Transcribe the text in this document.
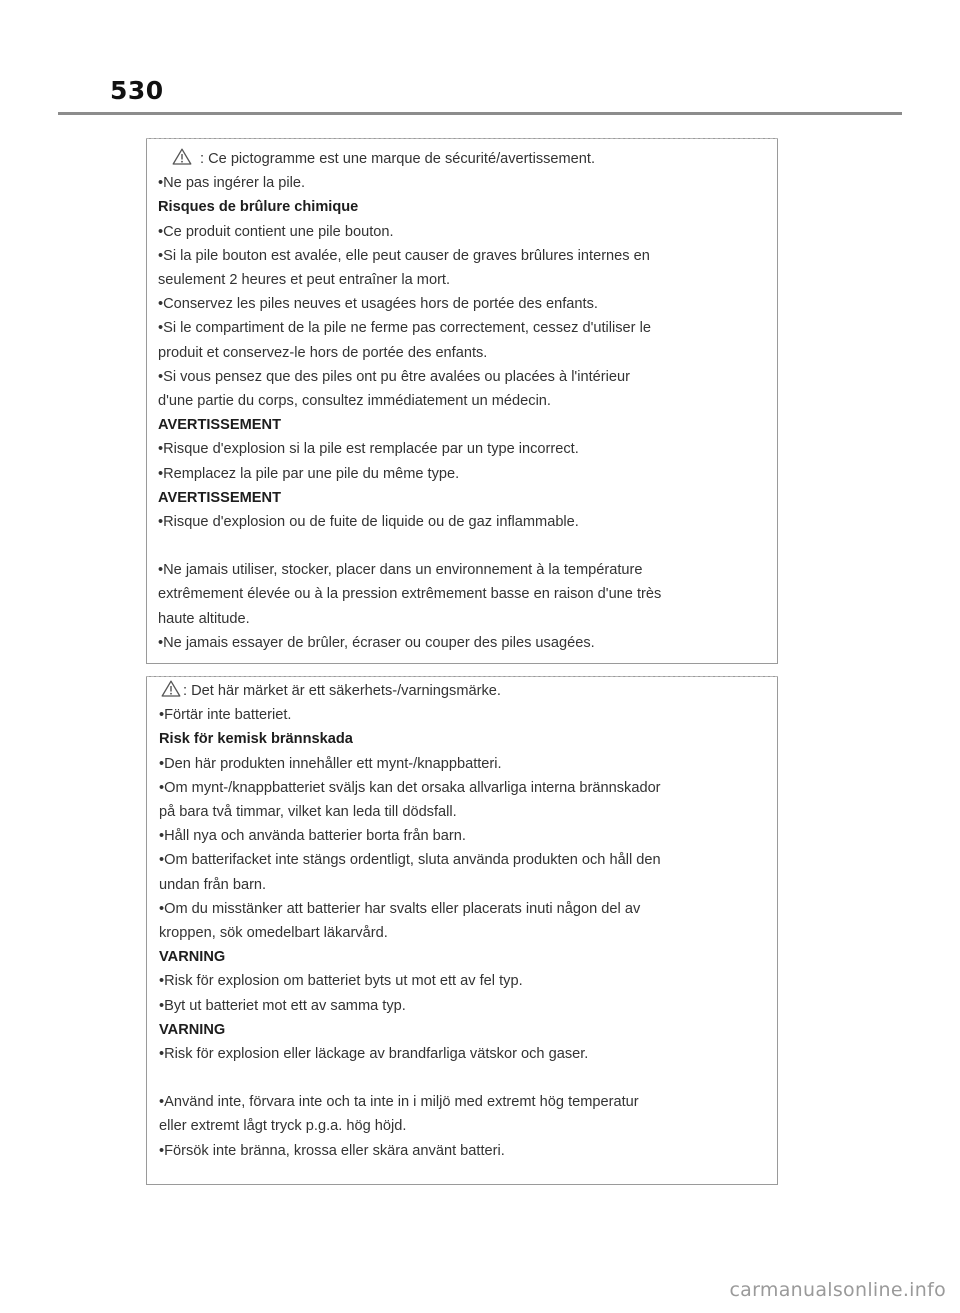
530
: Ce pictogramme est une marque de sécurité/avertissement.
•Ne pas ingérer la pile.
Risques de brûlure chimique
•Ce produit contient une pile bouton.
•Si la pile bouton est avalée, elle peut causer de graves brûlures internes en
seulement 2 heures et peut entraîner la mort.
•Conservez les piles neuves et usagées hors de portée des enfants.
•Si le compartiment de la pile ne ferme pas correctement, cessez d'utiliser le
produit et conservez-le hors de portée des enfants.
•Si vous pensez que des piles ont pu être avalées ou placées à l'intérieur
d'une partie du corps, consultez immédiatement un médecin.
AVERTISSEMENT
•Risque d'explosion si la pile est remplacée par un type incorrect.
•Remplacez la pile par une pile du même type.
AVERTISSEMENT
•Risque d'explosion ou de fuite de liquide ou de gaz inflammable.
•Ne jamais utiliser, stocker, placer dans un environnement à la température
extrêmement élevée ou à la pression extrêmement basse en raison d'une très
haute altitude.
•Ne jamais essayer de brûler, écraser ou couper des piles usagées.
: Det här märket är ett säkerhets-/varningsmärke.
•Förtär inte batteriet.
Risk för kemisk brännskada
•Den här produkten innehåller ett mynt-/knappbatteri.
•Om mynt-/knappbatteriet sväljs kan det orsaka allvarliga interna brännskador
på bara två timmar, vilket kan leda till dödsfall.
•Håll nya och använda batterier borta från barn.
•Om batterifacket inte stängs ordentligt, sluta använda produkten och håll den
undan från barn.
•Om du misstänker att batterier har svalts eller placerats inuti någon del av
kroppen, sök omedelbart läkarvård.
VARNING
•Risk för explosion om batteriet byts ut mot ett av fel typ.
•Byt ut batteriet mot ett av samma typ.
VARNING
•Risk för explosion eller läckage av brandfarliga vätskor och gaser.
•Använd inte, förvara inte och ta inte in i miljö med extremt hög temperatur
eller extremt lågt tryck p.g.a. hög höjd.
•Försök inte bränna, krossa eller skära använt batteri.
carmanualsonline.info
